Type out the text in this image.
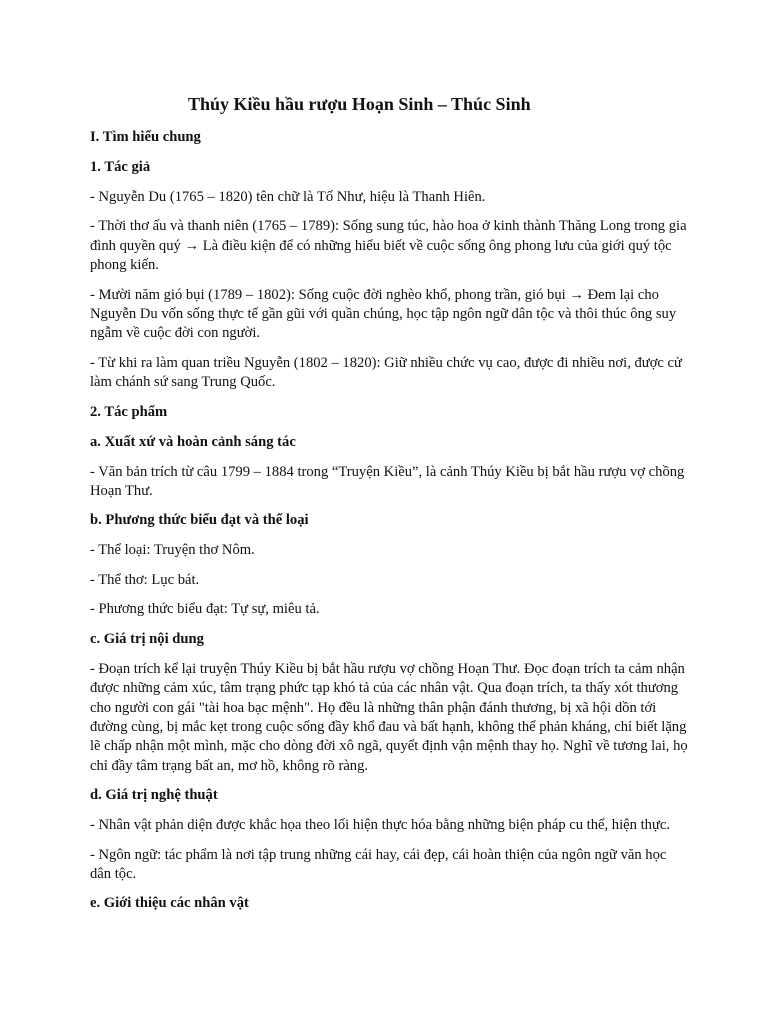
Thúy Kiều hầu rượu Hoạn Sinh – Thúc Sinh
I. Tìm hiểu chung
1. Tác giả

- Nguyễn Du (1765 – 1820) tên chữ là Tố Như, hiệu là Thanh Hiên.

- Thời thơ ấu và thanh niên (1765 – 1789): Sống sung túc, hào hoa ở kinh thành Thăng Long trong gia đình quyền quý → Là điều kiện để có những hiểu biết về cuộc sống ông phong lưu của giới quý tộc phong kiến.

- Mười năm gió bụi (1789 – 1802): Sống cuộc đời nghèo khổ, phong trần, gió bụi → Đem lại cho Nguyễn Du vốn sống thực tế gần gũi với quần chúng, học tập ngôn ngữ dân tộc và thôi thúc ông suy ngẫm về cuộc đời con người.

- Từ khi ra làm quan triều Nguyễn (1802 – 1820): Giữ nhiều chức vụ cao, được đi nhiều nơi, được cử làm chánh sứ sang Trung Quốc.

2. Tác phẩm
a. Xuất xứ và hoàn cảnh sáng tác

- Văn bản trích từ câu 1799 – 1884 trong “Truyện Kiều”, là cảnh Thúy Kiều bị bắt hầu rượu vợ chồng Hoạn Thư.

b. Phương thức biểu đạt và thể loại

- Thể loại: Truyện thơ Nôm.

- Thể thơ: Lục bát.

- Phương thức biểu đạt: Tự sự, miêu tả.

c. Giá trị nội dung

- Đoạn trích kể lại truyện Thúy Kiều bị bắt hầu rượu vợ chồng Hoạn Thư. Đọc đoạn trích ta cảm nhận được những cảm xúc, tâm trạng phức tạp khó tả của các nhân vật. Qua đoạn trích, ta thấy xót thương cho người con gái "tài hoa bạc mệnh". Họ đều là những thân phận đánh thương, bị xã hội dồn tới đường cùng, bị mắc kẹt trong cuộc sống đầy khổ đau và bất hạnh, không thể phản kháng, chỉ biết lặng lẽ chấp nhận một mình, mặc cho dòng đời xô ngã, quyết định vận mệnh thay họ. Nghĩ về tương lai, họ chỉ đầy tâm trạng bất an, mơ hồ, không rõ ràng.

d. Giá trị nghệ thuật

- Nhân vật phản diện được khắc họa theo lối hiện thực hóa bằng những biện pháp cu thể, hiện thực.

- Ngôn ngữ: tác phẩm là nơi tập trung những cái hay, cái đẹp, cái hoàn thiện của ngôn ngữ văn học dân tộc.

e. Giới thiệu các nhân vật
